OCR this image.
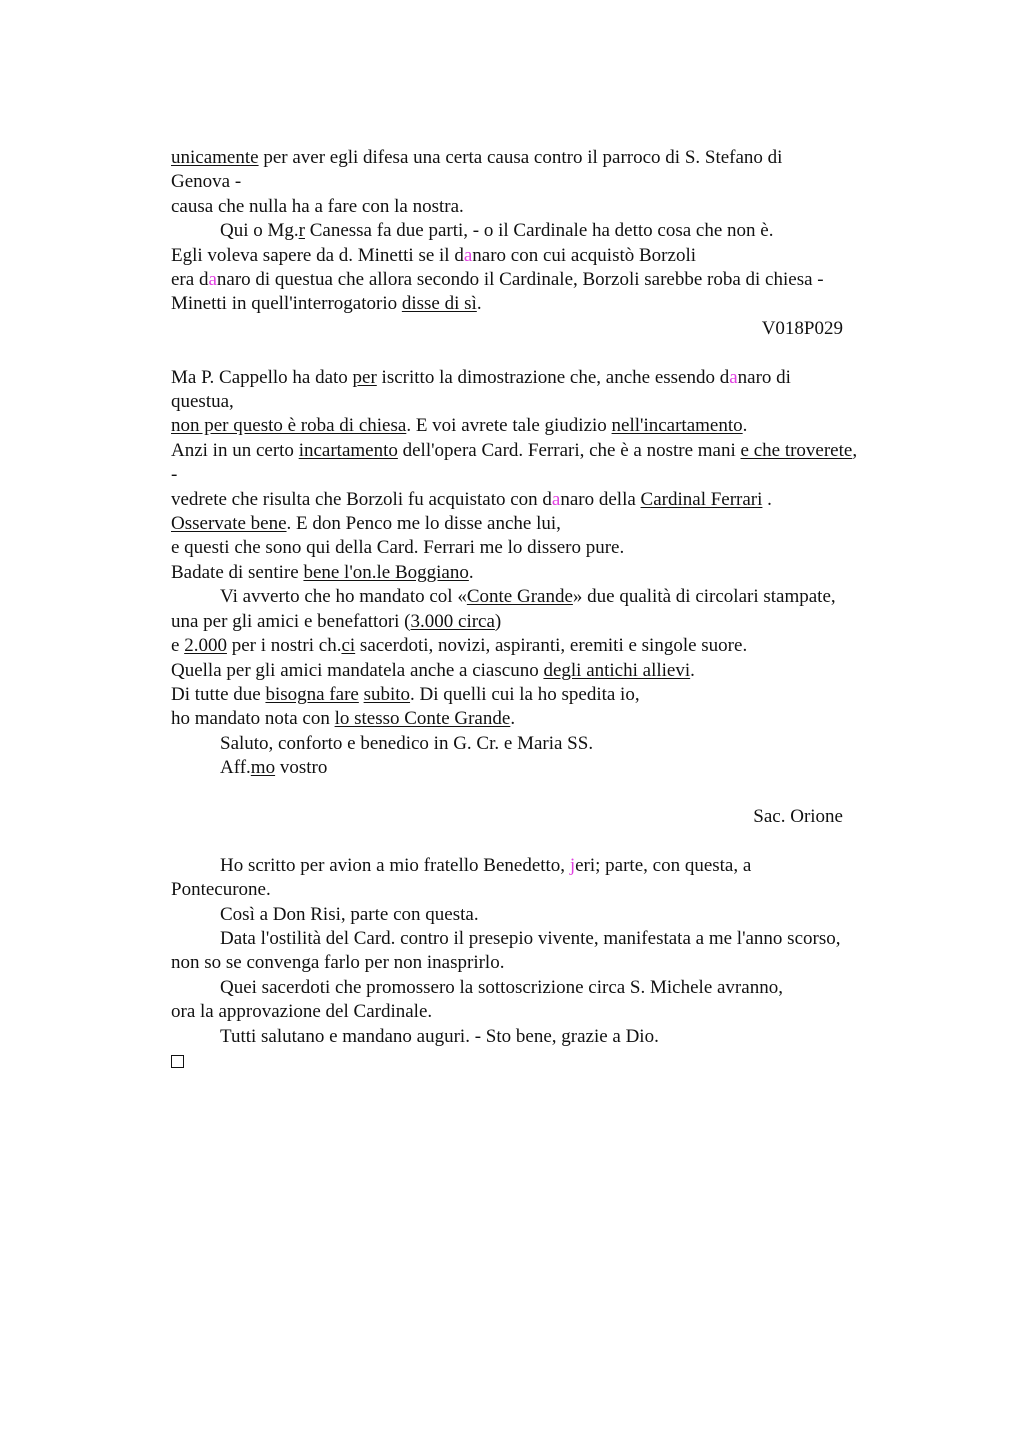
unicamente per aver egli difesa una certa causa contro il parroco di S. Stefano di
Genova -
causa che nulla ha a fare con la nostra.
Qui o Mg.r Canessa fa due parti, - o il Cardinale ha detto cosa che non è.
Egli voleva sapere da d. Minetti se il danaro con cui acquistò Borzoli
era danaro di questua che allora secondo il Cardinale, Borzoli sarebbe roba di chiesa -
Minetti in quell'interrogatorio disse di sì.
V018P029
Ma P. Cappello ha dato per iscritto la dimostrazione che, anche essendo danaro di
questua,
non per questo è roba di chiesa. E voi avrete tale giudizio nell'incartamento.
Anzi in un certo incartamento dell'opera Card. Ferrari, che è a nostre mani e che troverete,
-
vedrete che risulta che Borzoli fu acquistato con danaro della Cardinal Ferrari .
Osservate bene. E don Penco me lo disse anche lui,
e questi che sono qui della Card. Ferrari me lo dissero pure.
Badate di sentire bene l'on.le Boggiano.
Vi avverto che ho mandato col «Conte Grande» due qualità di circolari stampate,
una per gli amici e benefattori (3.000 circa)
e 2.000 per i nostri ch.ci sacerdoti, novizi, aspiranti, eremiti e singole suore.
Quella per gli amici mandatela anche a ciascuno degli antichi allievi.
Di tutte due bisogna fare subito. Di quelli cui la ho spedita io,
ho mandato nota con lo stesso Conte Grande.
Saluto, conforto e benedico in G. Cr. e Maria SS.
Aff.mo vostro
Sac. Orione
Ho scritto per avion a mio fratello Benedetto, jeri; parte, con questa, a
Pontecurone.
Così a Don Risi, parte con questa.
Data l'ostilità del Card. contro il presepio vivente, manifestata a me l'anno scorso,
non so se convenga farlo per non inasprirlo.
Quei sacerdoti che promossero la sottoscrizione circa S. Michele avranno,
ora la approvazione del Cardinale.
Tutti salutano e mandano auguri. - Sto bene, grazie a Dio.
